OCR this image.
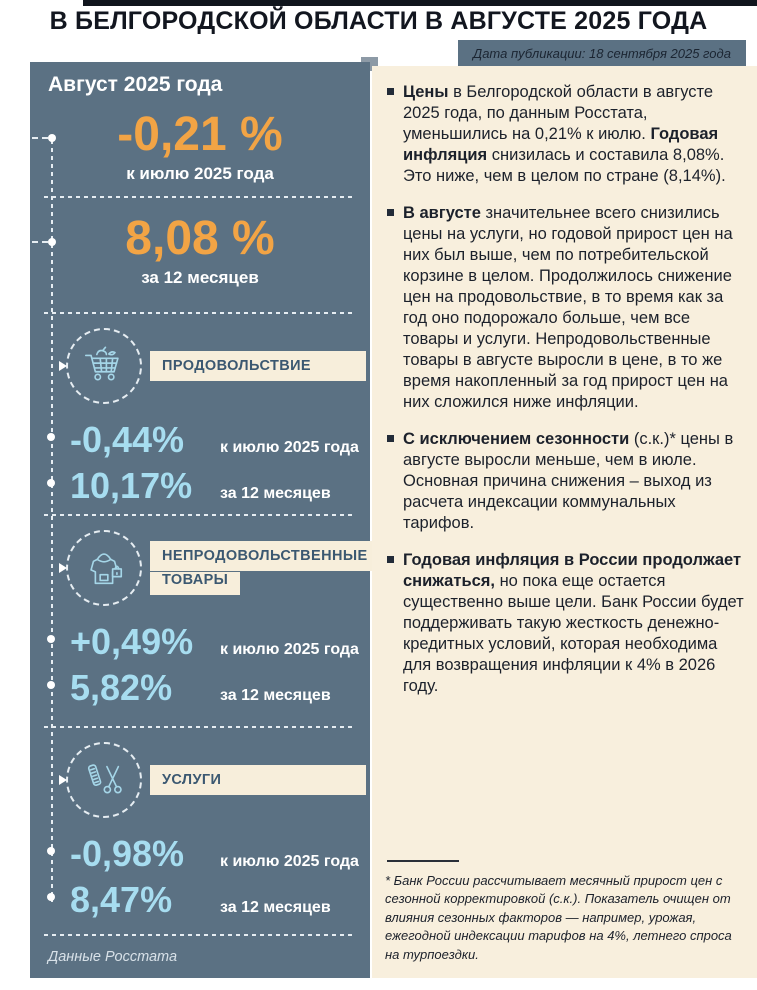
В БЕЛГОРОДСКОЙ ОБЛАСТИ В АВГУСТЕ 2025 ГОДА
Дата публикации: 18 сентября 2025 года
Август 2025 года
-0,21 %
к июлю 2025 года
8,08 %
за 12 месяцев
ПРОДОВОЛЬСТВИЕ
-0,44%	к июлю 2025 года
10,17%	за 12 месяцев
НЕПРОДОВОЛЬСТВЕННЫЕ
ТОВАРЫ
+0,49%	к июлю 2025 года
5,82%	за 12 месяцев
УСЛУГИ
-0,98%	к июлю 2025 года
8,47%	за 12 месяцев
Данные Росстата

Цены в Белгородской области в августе 2025 года, по данным Росстата, уменьшились на 0,21% к июлю. Годовая инфляция снизилась и составила 8,08%. Это ниже, чем в целом по стране (8,14%).

В августе значительнее всего снизились цены на услуги, но годовой прирост цен на них был выше, чем по потребительской корзине в целом. Продолжилось снижение цен на продовольствие, в то время как за год оно подорожало больше, чем все товары и услуги. Непродовольственные товары в августе выросли в цене, в то же время накопленный за год прирост цен на них сложился ниже инфляции.

С исключением сезонности (с.к.)* цены в августе выросли меньше, чем в июле. Основная причина снижения – выход из расчета индексации коммунальных тарифов.

Годовая инфляция в России продолжает снижаться, но пока еще остается существенно выше цели. Банк России будет поддерживать такую жесткость денежно-кредитных условий, которая необходима для возвращения инфляции к 4% в 2026 году.

* Банк России рассчитывает месячный прирост цен с сезонной корректировкой (с.к.). Показатель очищен от влияния сезонных факторов — например, урожая, ежегодной индексации тарифов на 4%, летнего спроса на турпоездки.
